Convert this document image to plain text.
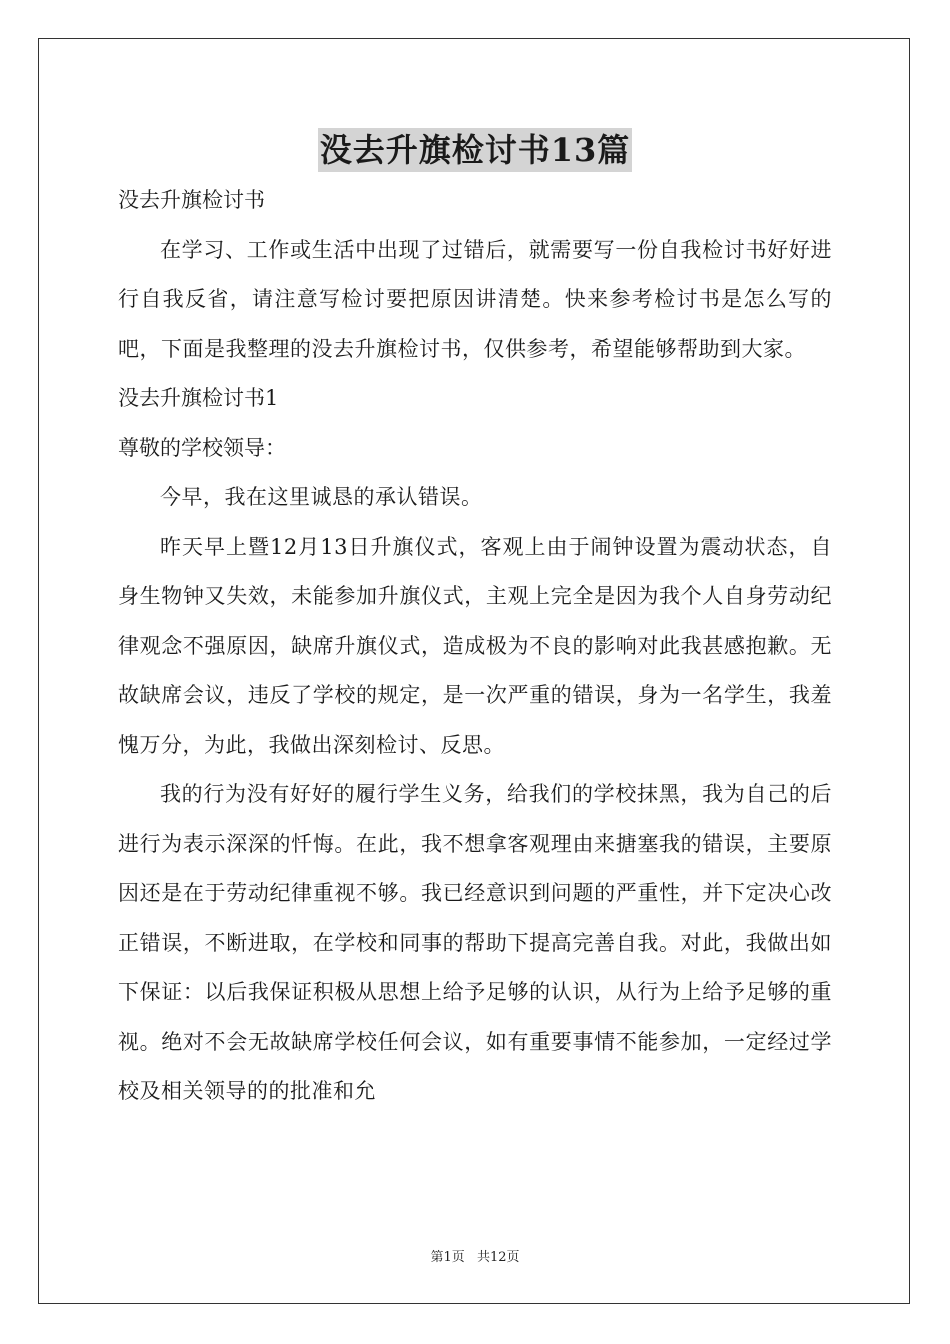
没去升旗检讨书13篇
没去升旗检讨书

在学习、工作或生活中出现了过错后，就需要写一份自我检讨书好好进行自我反省，请注意写检讨要把原因讲清楚。快来参考检讨书是怎么写的吧，下面是我整理的没去升旗检讨书，仅供参考，希望能够帮助到大家。

没去升旗检讨书1
尊敬的学校领导：

今早，我在这里诚恳的承认错误。

昨天早上暨12月13日升旗仪式，客观上由于闹钟设置为震动状态，自身生物钟又失效，未能参加升旗仪式，主观上完全是因为我个人自身劳动纪律观念不强原因，缺席升旗仪式，造成极为不良的影响对此我甚感抱歉。无故缺席会议，违反了学校的规定，是一次严重的错误，身为一名学生，我羞愧万分，为此，我做出深刻检讨、反思。

我的行为没有好好的履行学生义务，给我们的学校抹黑，我为自己的后进行为表示深深的忏悔。在此，我不想拿客观理由来搪塞我的错误，主要原因还是在于劳动纪律重视不够。我已经意识到问题的严重性，并下定决心改正错误，不断进取，在学校和同事的帮助下提高完善自我。对此，我做出如下保证：以后我保证积极从思想上给予足够的认识，从行为上给予足够的重视。绝对不会无故缺席学校任何会议，如有重要事情不能参加，一定经过学校及相关领导的的批准和允

第1页 共12页
